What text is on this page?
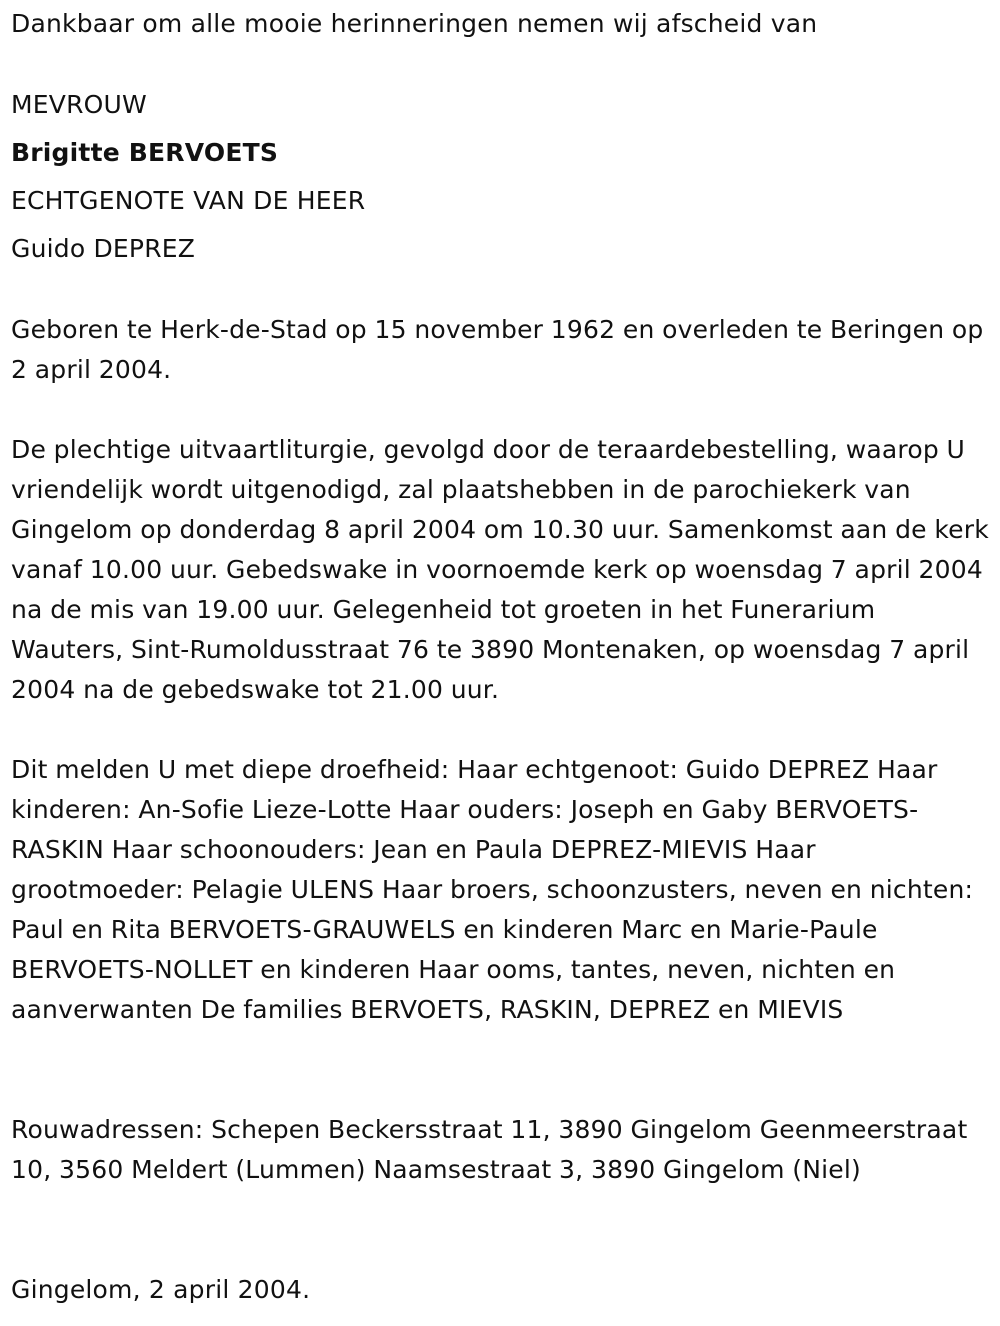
Dankbaar om alle mooie herinneringen nemen wij afscheid van
MEVROUW
Brigitte BERVOETS
ECHTGENOTE VAN DE HEER
Guido DEPREZ
Geboren te Herk-de-Stad op 15 november 1962 en overleden te Beringen op 2 april 2004.
De plechtige uitvaartliturgie, gevolgd door de teraardebestelling, waarop U vriendelijk wordt uitgenodigd, zal plaatshebben in de parochiekerk van Gingelom op donderdag 8 april 2004 om 10.30 uur. Samenkomst aan de kerk vanaf 10.00 uur. Gebedswake in voornoemde kerk op woensdag 7 april 2004 na de mis van 19.00 uur. Gelegenheid tot groeten in het Funerarium Wauters, Sint-Rumoldusstraat 76 te 3890 Montenaken, op woensdag 7 april 2004 na de gebedswake tot 21.00 uur.
Dit melden U met diepe droefheid: Haar echtgenoot: Guido DEPREZ Haar kinderen: An-Sofie Lieze-Lotte Haar ouders: Joseph en Gaby BERVOETS-RASKIN Haar schoonouders: Jean en Paula DEPREZ-MIEVIS Haar grootmoeder: Pelagie ULENS Haar broers, schoonzusters, neven en nichten: Paul en Rita BERVOETS-GRAUWELS en kinderen Marc en Marie-Paule BERVOETS-NOLLET en kinderen Haar ooms, tantes, neven, nichten en aanverwanten De families BERVOETS, RASKIN, DEPREZ en MIEVIS
Rouwadressen: Schepen Beckersstraat 11, 3890 Gingelom Geenmeerstraat 10, 3560 Meldert (Lummen) Naamsestraat 3, 3890 Gingelom (Niel)
Gingelom, 2 april 2004.
